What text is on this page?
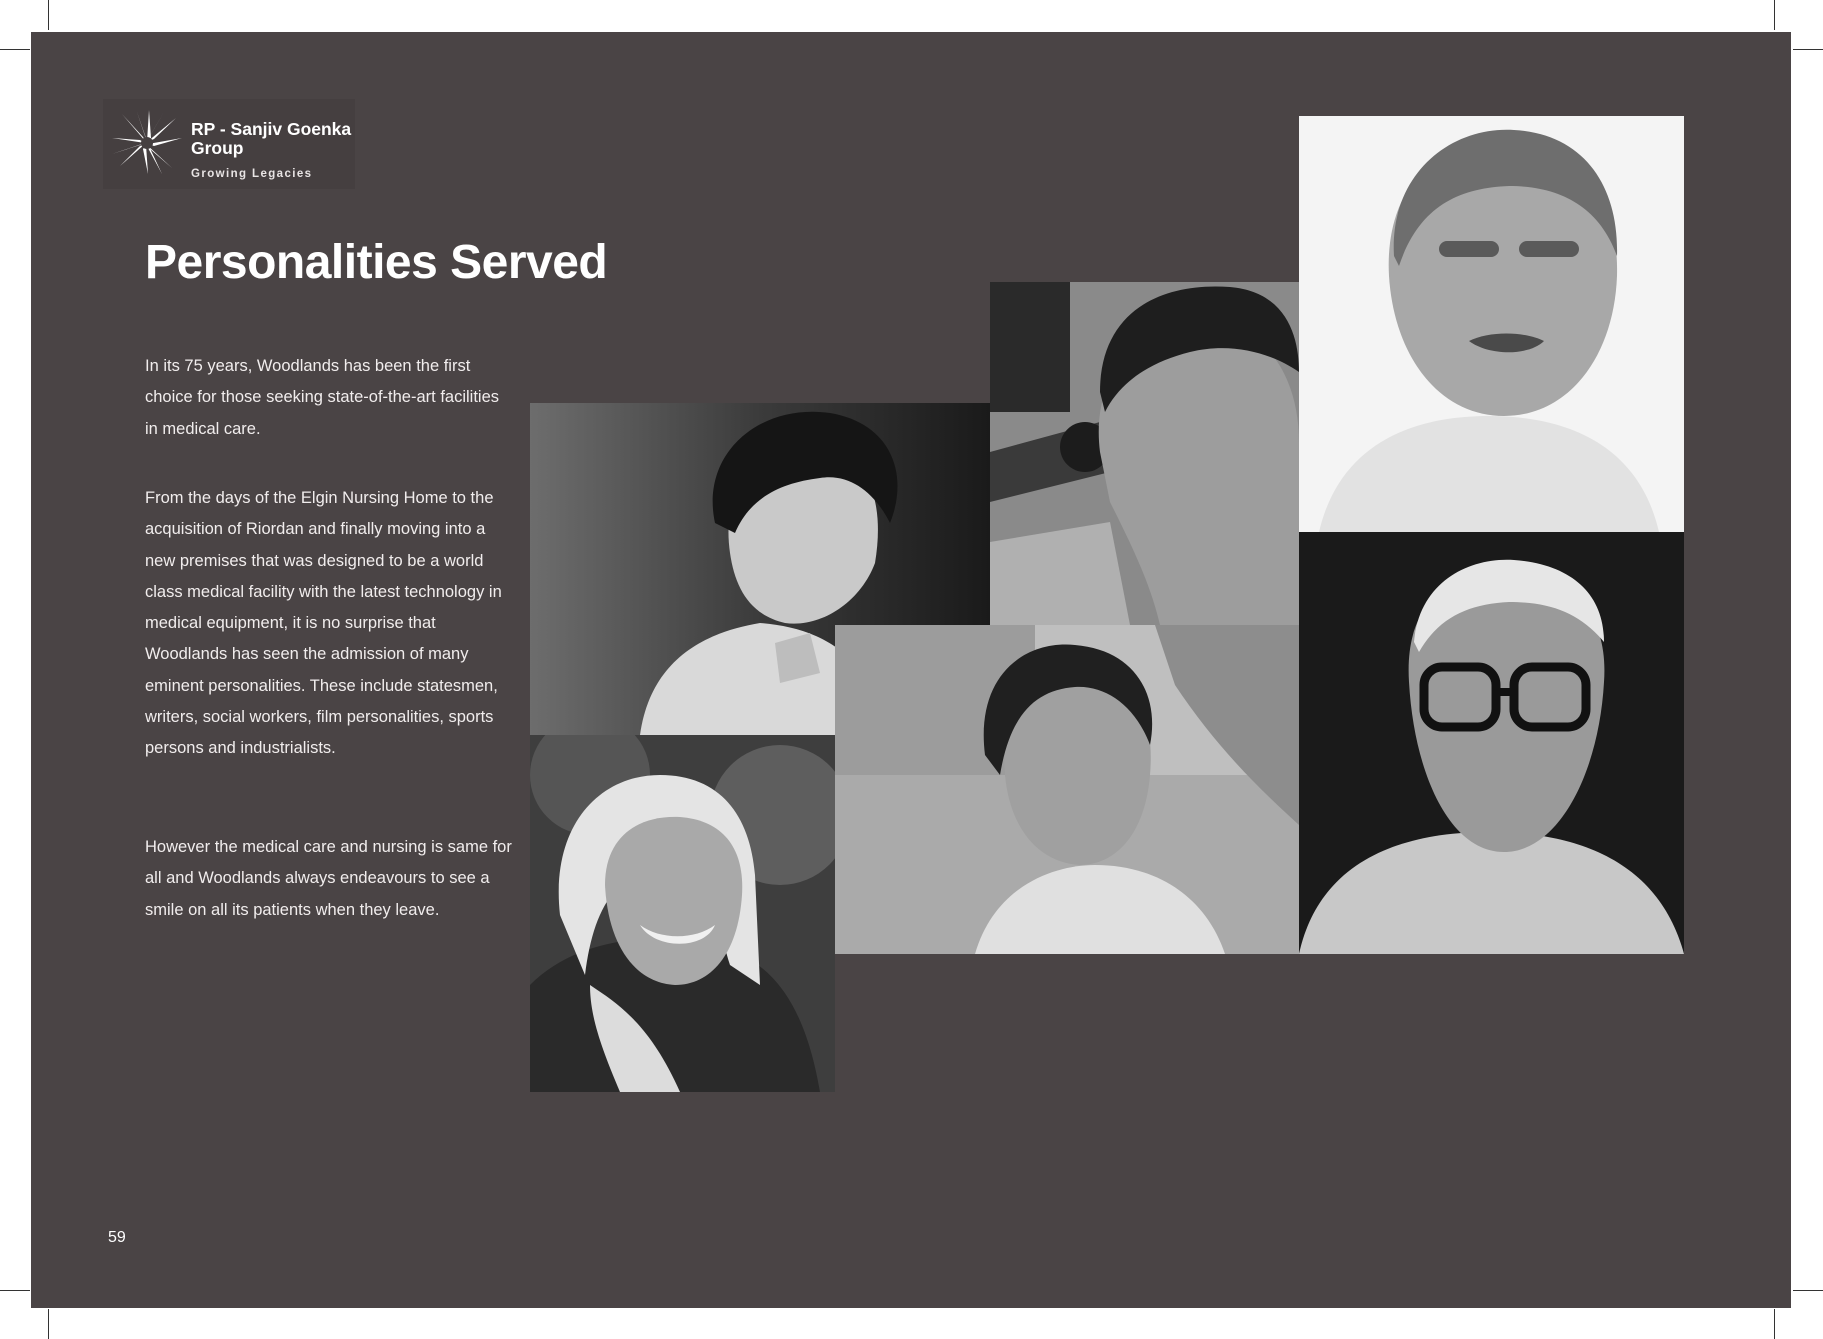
RP - Sanjiv Goenka
Group
Growing Legacies
Personalities Served

In its 75 years, Woodlands has been the first choice for those seeking state-of-the-art facilities in medical care.

From the days of the Elgin Nursing Home to the acquisition of Riordan and finally moving into a new premises that was designed to be a world class medical facility with the latest technology in medical equipment, it is no surprise that Woodlands has seen the admission of many eminent personalities. These include statesmen, writers, social workers, film personalities, sports persons and industrialists.

However the medical care and nursing is same for all and Woodlands always endeavours to see a smile on all its patients when they leave.

59
